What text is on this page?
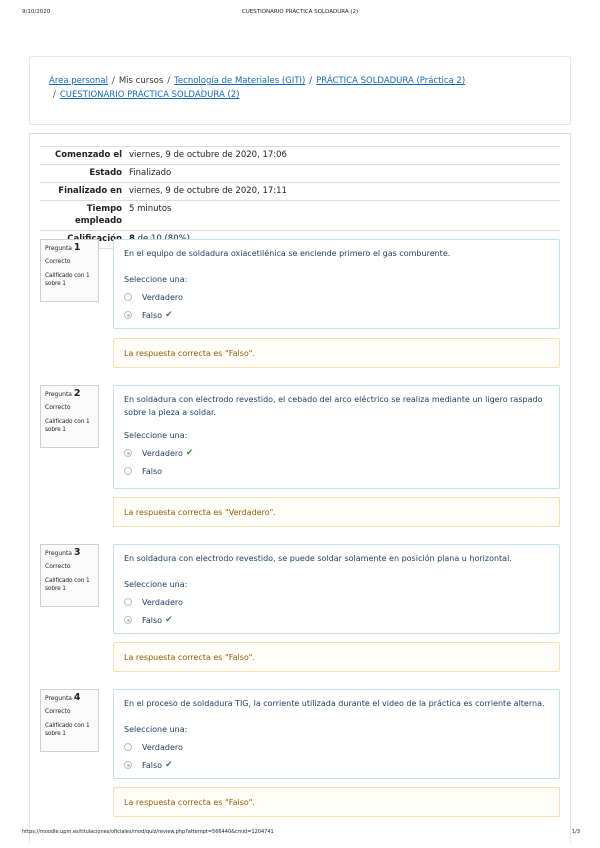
9/10/2020	CUESTIONARIO PRÁCTICA SOLDADURA (2)
Área personal / Mis cursos / Tecnología de Materiales (GITI) / PRÁCTICA SOLDADURA (Práctica 2)
/ CUESTIONARIO PRÁCTICA SOLDADURA (2)
Comenzado el viernes, 9 de octubre de 2020, 17:06
Estado Finalizado
Finalizado en viernes, 9 de octubre de 2020, 17:11
Tiempo empleado
5 minutos
Pregunta 1
Correcto
Calificado con 1 sobre 1
En el equipo de soldadura oxiacetilénica se enciende primero el gas comburente.
Seleccione una:
Verdadero
Falso ✔
La respuesta correcta es "Falso".
Pregunta 2
Correcto
Calificado con 1 sobre 1
En soldadura con electrodo revestido, el cebado del arco eléctrico se realiza mediante un ligero raspado sobre la pieza a soldar.
Seleccione una:
Verdadero ✔
Falso
La respuesta correcta es "Verdadero".
Pregunta 3
Correcto
Calificado con 1 sobre 1
En soldadura con electrodo revestido, se puede soldar solamente en posición plana u horizontal.
Seleccione una:
Verdadero
Falso ✔
La respuesta correcta es "Falso".
Pregunta 4
Correcto
Calificado con 1 sobre 1
En el proceso de soldadura TIG, la corriente utilizada durante el video de la práctica es corriente alterna.
Seleccione una:
Verdadero
Falso ✔
La respuesta correcta es "Falso".
https://moodle.upm.es/titulaciones/oficiales/mod/quiz/review.php?attempt=566440&cmid=1204741	1/3
